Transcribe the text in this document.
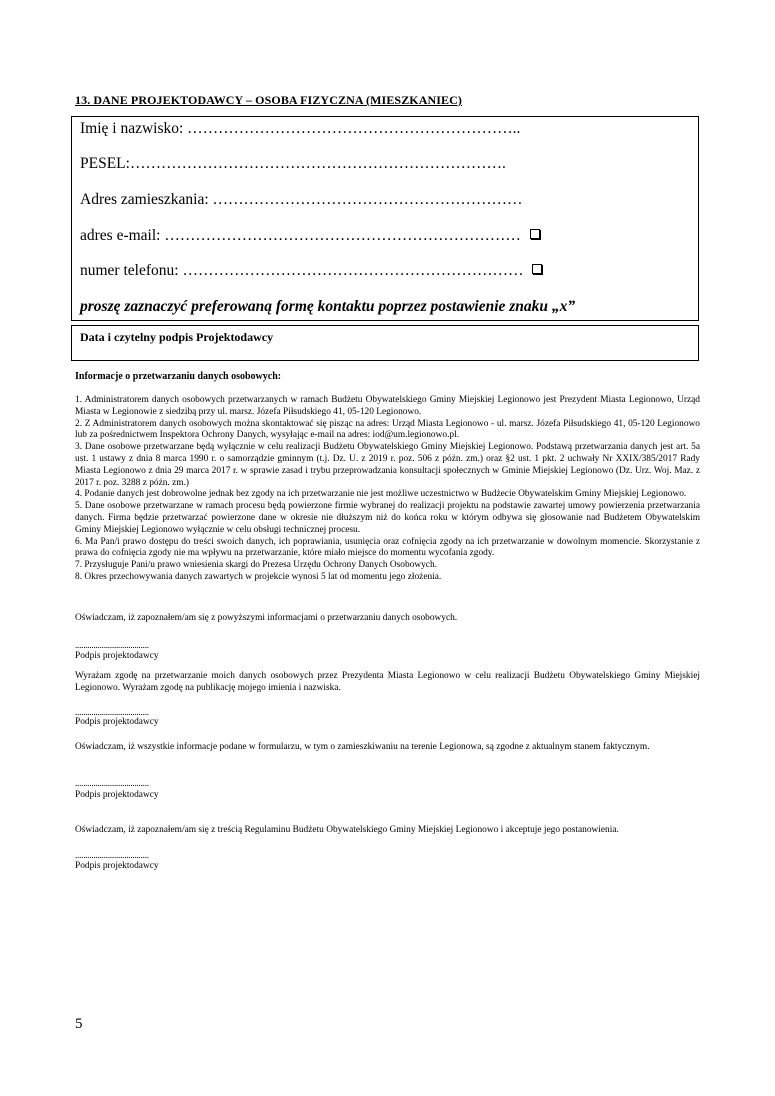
13. DANE PROJEKTODAWCY – OSOBA FIZYCZNA (MIESZKANIEC)
Imię i nazwisko: ………………………………………………………..
PESEL:……………………………………………………………….
Adres zamieszkania: ……………………………………………………
adres e-mail: ……………………………………………………………
numer telefonu: …………………………………………………………
proszę zaznaczyć preferowaną formę kontaktu poprzez postawienie znaku „x”
Data i czytelny podpis Projektodawcy
Informacje o przetwarzaniu danych osobowych:

1. Administratorem danych osobowych przetwarzanych w ramach Budżetu Obywatelskiego Gminy Miejskiej Legionowo jest Prezydent Miasta Legionowo, Urząd Miasta w Legionowie z siedzibą przy ul. marsz. Józefa Piłsudskiego 41, 05-120 Legionowo.

2. Z Administratorem danych osobowych można skontaktować się pisząc na adres: Urząd Miasta Legionowo - ul. marsz. Józefa Piłsudskiego 41, 05-120 Legionowo lub za pośrednictwem Inspektora Ochrony Danych, wysyłając e-mail na adres: iod@um.legionowo.pl.

3. Dane osobowe przetwarzane będą wyłącznie w celu realizacji Budżetu Obywatelskiego Gminy Miejskiej Legionowo. Podstawą przetwarzania danych jest art. 5a ust. 1 ustawy z dnia 8 marca 1990 r. o samorządzie gminnym (t.j. Dz. U. z 2019 r. poz. 506 z późn. zm.) oraz §2 ust. 1 pkt. 2 uchwały Nr XXIX/385/2017 Rady Miasta Legionowo z dnia 29 marca 2017 r. w sprawie zasad i trybu przeprowadzania konsultacji społecznych w Gminie Miejskiej Legionowo (Dz. Urz. Woj. Maz. z 2017 r. poz. 3288 z późn. zm.)

4. Podanie danych jest dobrowolne jednak bez zgody na ich przetwarzanie nie jest możliwe uczestnictwo w Budżecie Obywatelskim Gminy Miejskiej Legionowo.

5. Dane osobowe przetwarzane w ramach procesu będą powierzone firmie wybranej do realizacji projektu na podstawie zawartej umowy powierzenia przetwarzania danych. Firma będzie przetwarzać powierzone dane w okresie nie dłuższym niż do końca roku w którym odbywa się głosowanie nad Budżetem Obywatelskim Gminy Miejskiej Legionowo wyłącznie w celu obsługi technicznej procesu.

6. Ma Pan/i prawo dostępu do treści swoich danych, ich poprawiania, usunięcia oraz cofnięcia zgody na ich przetwarzanie w dowolnym momencie. Skorzystanie z prawa do cofnięcia zgody nie ma wpływu na przetwarzanie, które miało miejsce do momentu wycofania zgody.

7. Przysługuje Pani/u prawo wniesienia skargi do Prezesa Urzędu Ochrony Danych Osobowych.

8. Okres przechowywania danych zawartych w projekcie wynosi 5 lat od momentu jego złożenia.

Oświadczam, iż zapoznałem/am się z powyższymi informacjami o przetwarzaniu danych osobowych.

....................................
Podpis projektodawcy

Wyrażam zgodę na przetwarzanie moich danych osobowych przez Prezydenta Miasta Legionowo w celu realizacji Budżetu Obywatelskiego Gminy Miejskiej Legionowo. Wyrażam zgodę na publikację mojego imienia i nazwiska.

....................................
Podpis projektodawcy

Oświadczam, iż wszystkie informacje podane w formularzu, w tym o zamieszkiwaniu na terenie Legionowa, są zgodne z aktualnym stanem faktycznym.

....................................
Podpis projektodawcy

Oświadczam, iż zapoznałem/am się z treścią Regulaminu Budżetu Obywatelskiego Gminy Miejskiej Legionowo i akceptuje jego postanowienia.

....................................
Podpis projektodawcy
5
